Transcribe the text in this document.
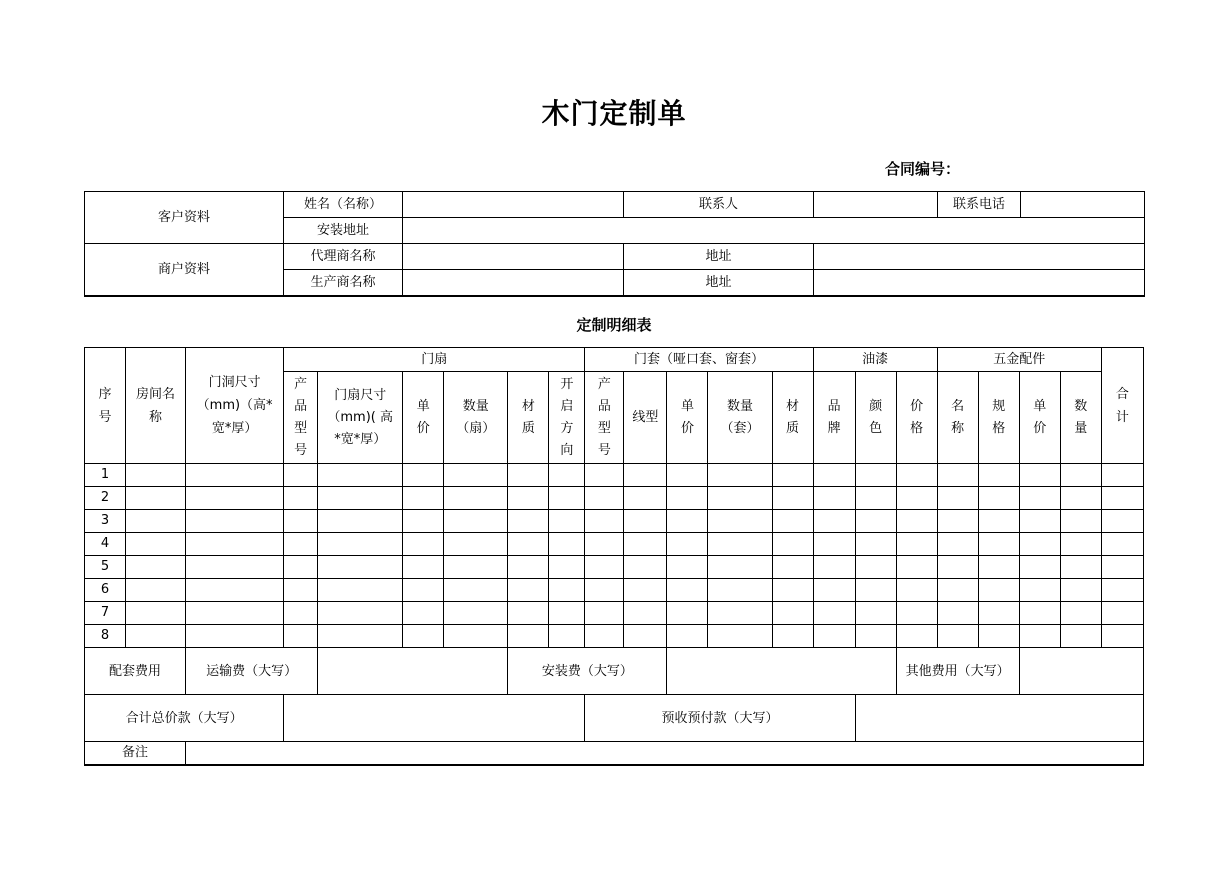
木门定制单
合同编号：
客户资料	姓名（名称）		联系人		联系电话	
	安装地址					
商户资料	代理商名称		地址			
	生产商名称		地址			
定制明细表
序号	房间名称	门洞尺寸（mm)（高*宽*厚）	门扇						门套（哑口套、窗套）					油漆			五金配件				合计
			产品型号	门扇尺寸（mm)( 高*宽*厚）	单价	数量（扇）	材质	开启方向	产品型号	线型	单价	数量（套）	材质	品牌	颜色	价格	名称	规格	单价	数量	
1																					
2																					
3																					
4																					
5																					
6																					
7																					
8																					
配套费用		运输费（大写）					安装费（大写）									其他费用（大写）					
合计总价款（大写）									预收预付款（大写）												
备注																					
